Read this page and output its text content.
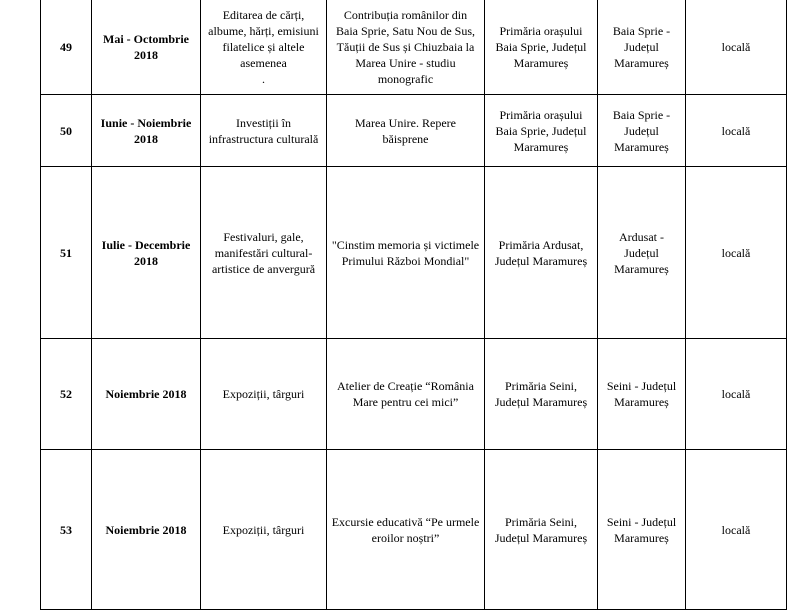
49	Mai - Octombrie
2018	Editarea de cărți,
albume, hărți, emisiuni
filatelice și altele
asemenea
.	Contribuția românilor din
Baia Sprie, Satu Nou de Sus,
Tăuții de Sus și Chiuzbaia la
Marea Unire - studiu
monografic	Primăria orașului
Baia Sprie, Județul
Maramureș	Baia Sprie -
Județul
Maramureș	locală
50	Iunie - Noiembrie
2018	Investiții în
infrastructura culturală	Marea Unire. Repere
băisprene	Primăria orașului
Baia Sprie, Județul
Maramureș	Baia Sprie -
Județul
Maramureș	locală
51	Iulie - Decembrie
2018	Festivaluri, gale,
manifestări cultural-
artistice de anvergură	"Cinstim memoria și victimele
Primului Război Mondial"	Primăria Ardusat,
Județul Maramureș	Ardusat -
Județul
Maramureș	locală
52	Noiembrie 2018	Expoziții, târguri	Atelier de Creație “România
Mare pentru cei mici”	Primăria Seini,
Județul Maramureș	Seini - Județul
Maramureș	locală
53	Noiembrie 2018	Expoziții, târguri	Excursie educativă “Pe urmele
eroilor noștri”	Primăria Seini,
Județul Maramureș	Seini - Județul
Maramureș	locală
